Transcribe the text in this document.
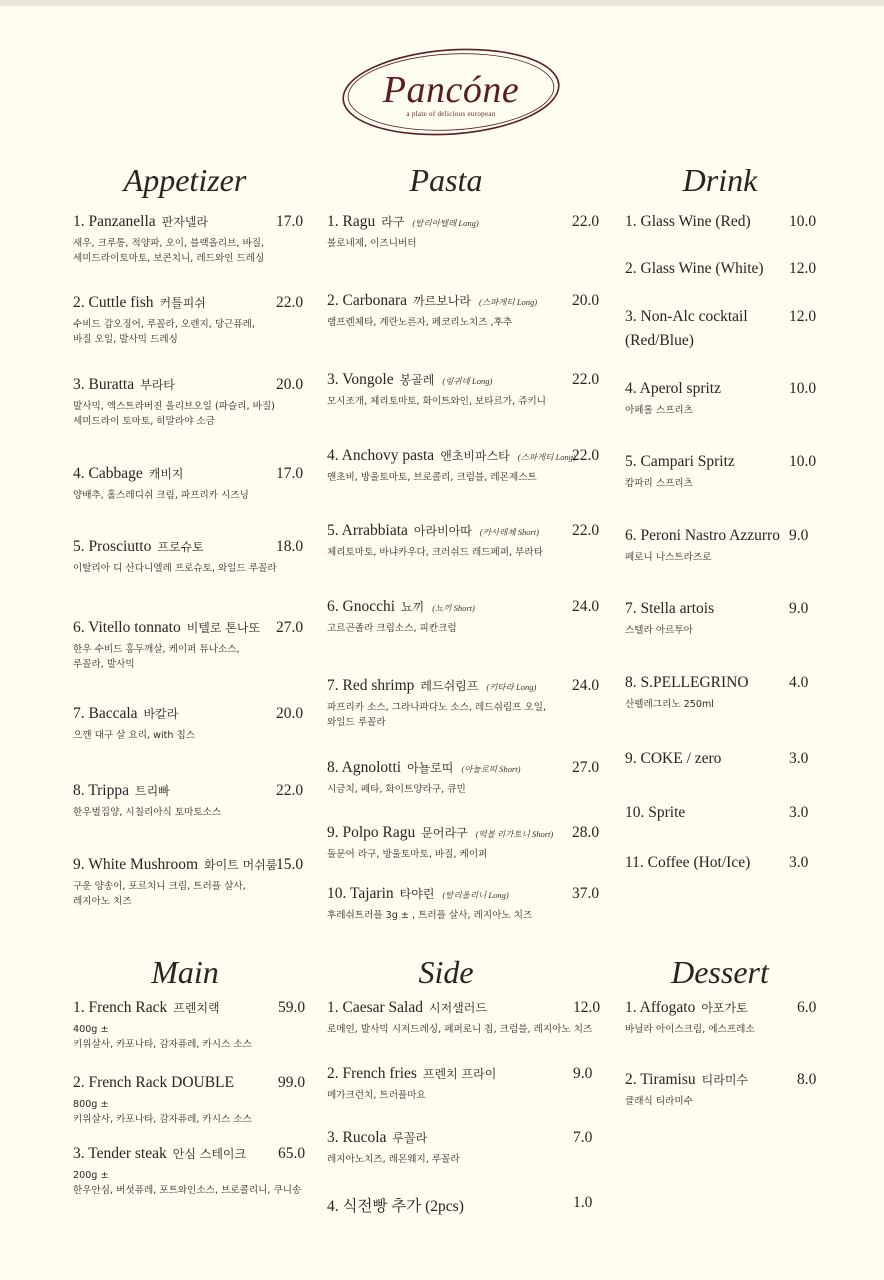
Pancóne
a plate of delicious european
Appetizer	Pasta	Drink
Main	Side	Dessert
1. Panzanella 판자넬라
새우, 크루통, 적양파, 오이, 블랙올리브, 바질,
세미드라이토마토, 보콘치니, 레드와인 드레싱
17.0
2. Cuttle fish 커틀피쉬
수비드 갑오징어, 루꼴라, 오렌지, 당근퓨레,
바질 오일, 발사믹 드레싱
22.0
3. Buratta 부라타
발사믹, 엑스트라버진 올리브오일 (파슬리, 바질)
세미드라이 토마토, 히말라야 소금
20.0
4. Cabbage 캐비지
양배추, 홀스레디쉬 크림, 파프리카 시즈닝
17.0
5. Prosciutto 프로슈토
이탈리아 디 산다니엘레 프로슈토, 와일드 루꼴라
18.0
6. Vitello tonnato 비텔로 톤나또
한우 수비드 홍두깨살, 케이퍼 튜나소스,
루꼴라, 발사믹
27.0
7. Baccala 바칼라
으깬 대구 살 요리, with 칩스
20.0
8. Trippa 트리빠
한우벌집양, 시칠리아식 토마토소스
22.0
9. White Mushroom 화이트 머쉬룸
구운 양송이, 포르치니 크림, 트러플 살사,
레지아노 치즈
15.0
1. Ragu 라구 (탈리아텔레 Long)
볼로네제, 이즈니버터
22.0
2. Carbonara 까르보나라 (스파게티 Long)
램프렌체타, 계란노른자, 페코리노치즈 ,후추
20.0
3. Vongole 봉골레 (링귀네 Long)
모시조개, 체리토마토, 화이트와인, 보타르가, 쥬키니
22.0
4. Anchovy pasta 앤초비파스타 (스파게티 Long)
앤초비, 방울토마토, 브로콜리, 크럼블, 레몬제스트
22.0
5. Arrabbiata 아라비아따 (카사레체 Short)
체리토마토, 바냐카우다, 크러쉬드 레드페퍼, 부라타
22.0
6. Gnocchi 뇨끼 (뇨끼 Short)
고르곤졸라 크림소스, 피칸크럼
24.0
7. Red shrimp 레드쉬림프 (키타라 Long)
파프리카 소스, 그라나파다노 소스, 레드쉬림프 오일,
와일드 루꼴라
24.0
8. Agnolotti 아뇰로띠 (아뇰로띠 Short)
시금치, 페타, 화이트양라구, 큐민
27.0
9. Polpo Ragu 문어라구 (떡볼 리가토니 Short)
돌문어 라구, 방울토마토, 바질, 케이퍼
28.0
10. Tajarin 타야린 (탈리올리니 Long)
후레쉬트러플 3g ± , 트러플 살사, 레지아노 치즈
37.0
1. Glass Wine (Red) 10.0
2. Glass Wine (White) 12.0
3. Non-Alc cocktail
(Red/Blue)
12.0
4. Aperol spritz
아페롤 스프리츠
10.0
5. Campari Spritz
캄파리 스프리츠
10.0
6. Peroni Nastro Azzurro
페로니 나스트라즈로
9.0
7. Stella artois
스텔라 아르투아
9.0
8. S.PELLEGRINO
산펠레그리노 250ml
4.0
9. COKE / zero	3.0
10. Sprite	3.0
11. Coffee (Hot/Ice)	3.0
1. French Rack 프렌치랙
400g ±
키위살사, 카포나타, 감자퓨레, 카시스 소스
59.0
2. French Rack DOUBLE
800g ±
키위살사, 카포나타, 감자퓨레, 카시스 소스
99.0
3. Tender steak 안심 스테이크
200g ±
한우안심, 버섯퓨레, 포트와인소스, 브로콜리니, 쿠니송
65.0
1. Caesar Salad 시저샐러드
로메인, 발사믹 시저드레싱, 페퍼로니 칩, 크럼블, 레지아노 치즈
12.0
2. French fries 프렌치 프라이
메가크런치, 트러플마요
9.0
3. Rucola 루꼴라
레지아노치즈, 레몬웨지, 루꼴라
7.0
4. 식전빵 추가 (2pcs)	1.0
1. Affogato 아포가토
바닐라 아이스크림, 에스프레소
6.0
2. Tiramisu 티라미수
클래식 티라미수
8.0
